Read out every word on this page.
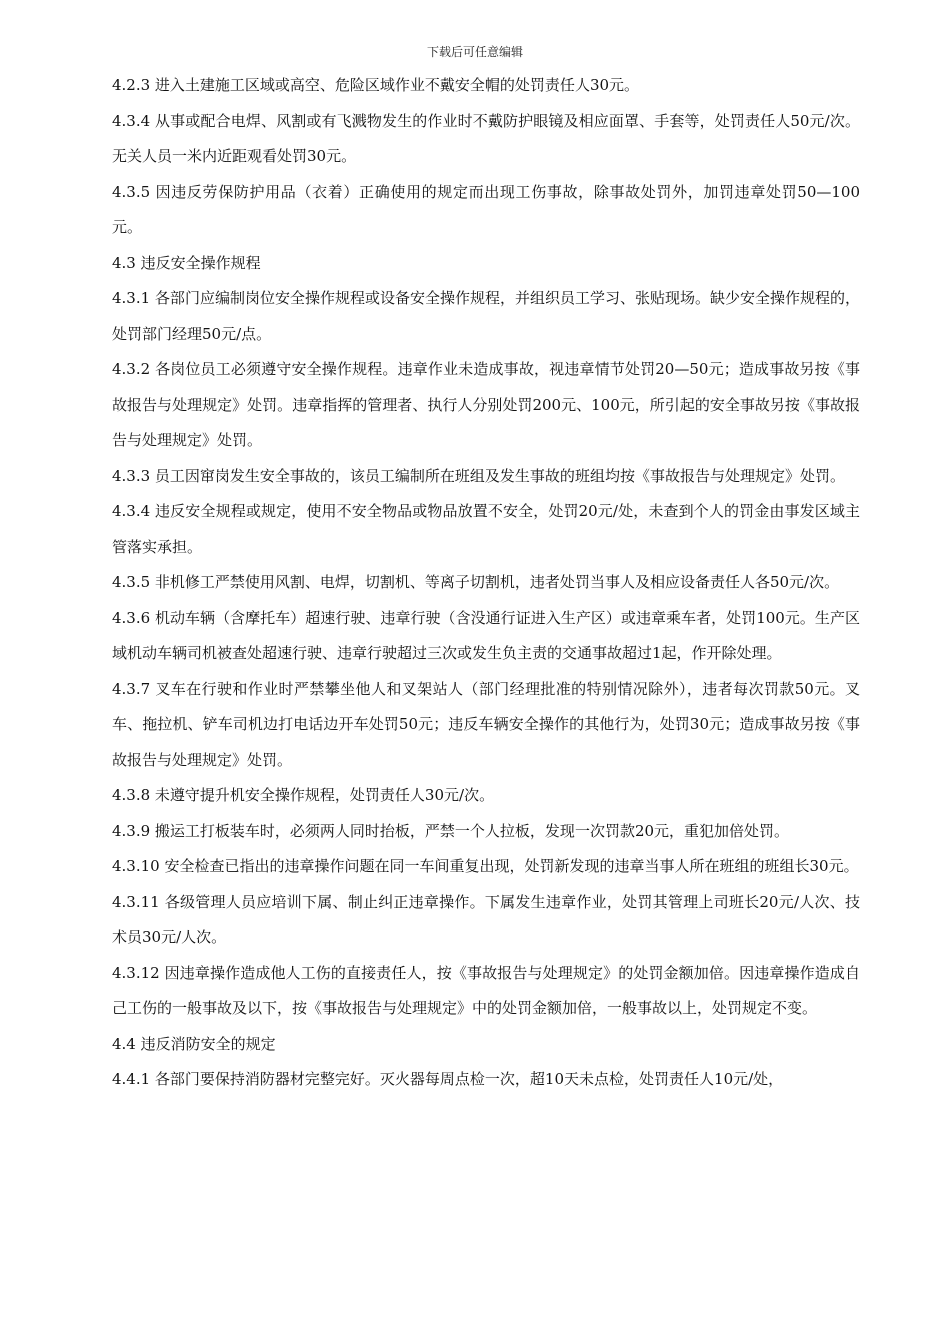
下载后可任意编辑

4.2.3 进入土建施工区域或高空、危险区域作业不戴安全帽的处罚责任人30元。

4.3.4 从事或配合电焊、风割或有飞溅物发生的作业时不戴防护眼镜及相应面罩、手套等，处罚责任人50元/次。无关人员一米内近距观看处罚30元。

4.3.5 因违反劳保防护用品（衣着）正确使用的规定而出现工伤事故，除事故处罚外，加罚违章处罚50—100元。

4.3 违反安全操作规程

4.3.1 各部门应编制岗位安全操作规程或设备安全操作规程，并组织员工学习、张贴现场。缺少安全操作规程的，处罚部门经理50元/点。

4.3.2 各岗位员工必须遵守安全操作规程。违章作业未造成事故，视违章情节处罚20—50元；造成事故另按《事故报告与处理规定》处罚。违章指挥的管理者、执行人分别处罚200元、100元，所引起的安全事故另按《事故报告与处理规定》处罚。

4.3.3 员工因窜岗发生安全事故的，该员工编制所在班组及发生事故的班组均按《事故报告与处理规定》处罚。

4.3.4 违反安全规程或规定，使用不安全物品或物品放置不安全，处罚20元/处，未查到个人的罚金由事发区域主管落实承担。

4.3.5 非机修工严禁使用风割、电焊，切割机、等离子切割机，违者处罚当事人及相应设备责任人各50元/次。

4.3.6 机动车辆（含摩托车）超速行驶、违章行驶（含没通行证进入生产区）或违章乘车者，处罚100元。生产区域机动车辆司机被查处超速行驶、违章行驶超过三次或发生负主责的交通事故超过1起，作开除处理。

4.3.7 叉车在行驶和作业时严禁攀坐他人和叉架站人（部门经理批准的特别情况除外），违者每次罚款50元。叉车、拖拉机、铲车司机边打电话边开车处罚50元；违反车辆安全操作的其他行为，处罚30元；造成事故另按《事故报告与处理规定》处罚。

4.3.8 未遵守提升机安全操作规程，处罚责任人30元/次。

4.3.9 搬运工打板装车时，必须两人同时抬板，严禁一个人拉板，发现一次罚款20元，重犯加倍处罚。

4.3.10 安全检查已指出的违章操作问题在同一车间重复出现，处罚新发现的违章当事人所在班组的班组长30元。

4.3.11 各级管理人员应培训下属、制止纠正违章操作。下属发生违章作业，处罚其管理上司班长20元/人次、技术员30元/人次。

4.3.12 因违章操作造成他人工伤的直接责任人，按《事故报告与处理规定》的处罚金额加倍。因违章操作造成自己工伤的一般事故及以下，按《事故报告与处理规定》中的处罚金额加倍，一般事故以上，处罚规定不变。

4.4 违反消防安全的规定

4.4.1 各部门要保持消防器材完整完好。灭火器每周点检一次，超10天未点检，处罚责任人10元/处，
